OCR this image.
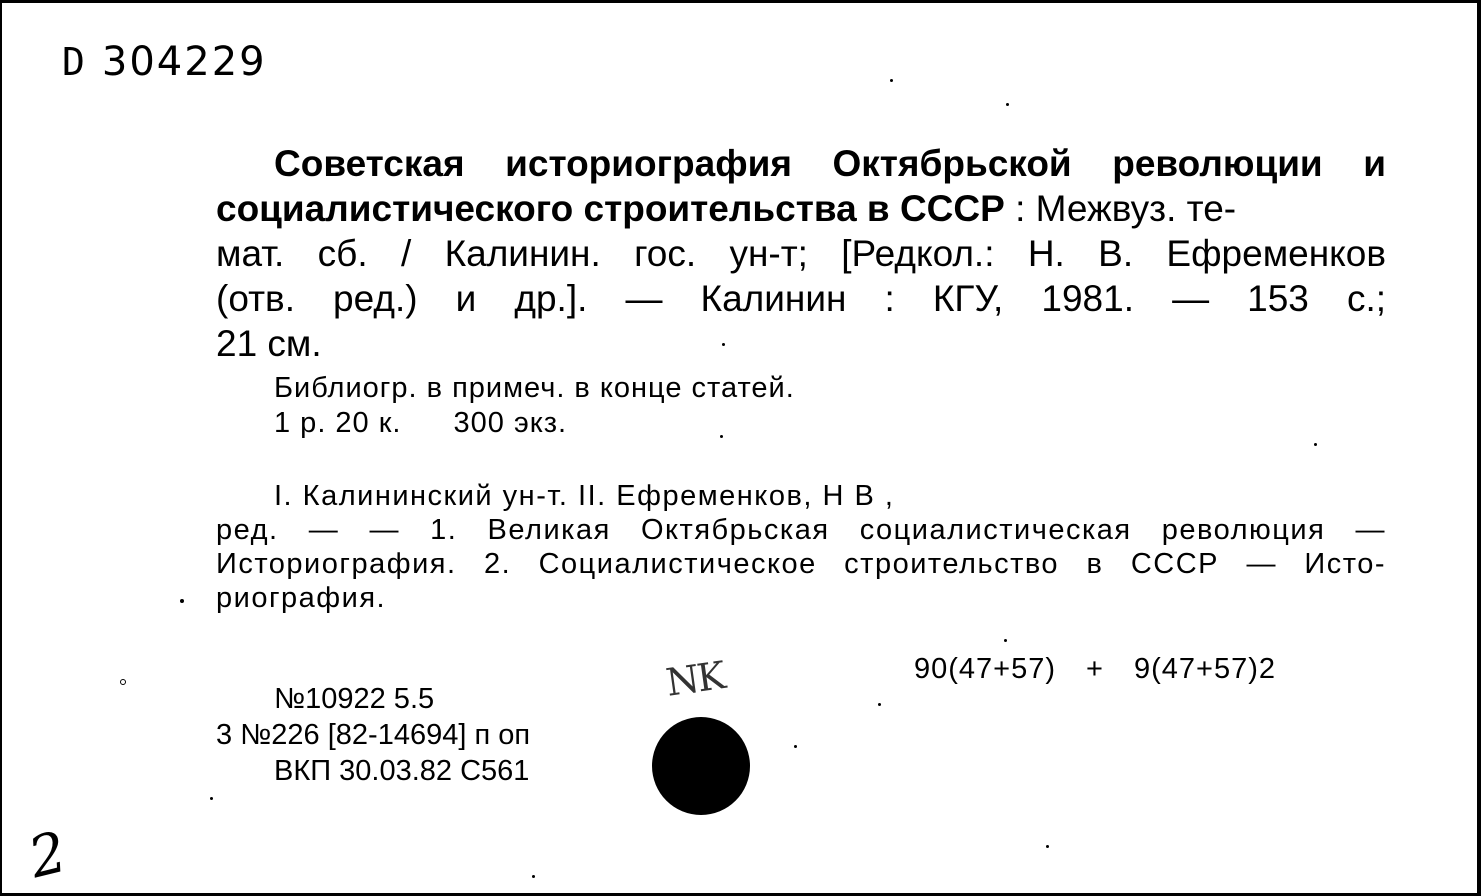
D 304229
Советская историография Октябрьской революции и
социалистического строительства в СССР : Межвуз. те-
мат. сб. / Калинин. гос. ун-т; [Редкол.: Н. В. Ефременков
(отв. ред.) и др.]. — Калинин : КГУ, 1981. — 153 с.;
21 см.
Библиогр. в примеч. в конце статей.
1 р. 20 к. 300 экз.
I. Калининский ун-т. II. Ефременков, Н В ,
ред. — — 1. Великая Октябрьская социалистическая революция —
Историография. 2. Социалистическое строительство в СССР — Исто-
риография.
NK	90(47+57) + 9(47+57)2
№10922 5.5
3 №226 [82-14694] п оп
ВКП 30.03.82 С561
2
